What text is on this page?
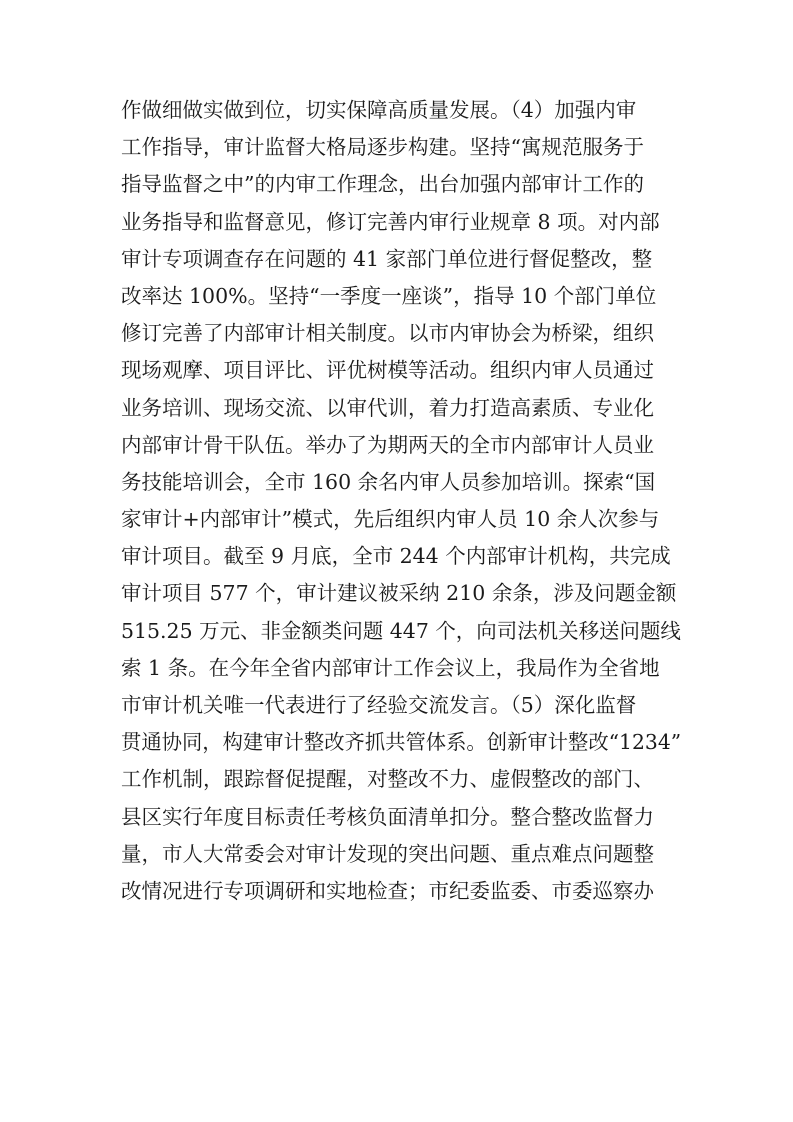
作做细做实做到位，切实保障高质量发展。（4）加强内审
工作指导，审计监督大格局逐步构建。坚持“寓规范服务于
指导监督之中”的内审工作理念，出台加强内部审计工作的
业务指导和监督意见，修订完善内审行业规章 8 项。对内部
审计专项调查存在问题的 41 家部门单位进行督促整改，整
改率达 100%。坚持“一季度一座谈”，指导 10 个部门单位
修订完善了内部审计相关制度。以市内审协会为桥梁，组织
现场观摩、项目评比、评优树模等活动。组织内审人员通过
业务培训、现场交流、以审代训，着力打造高素质、专业化
内部审计骨干队伍。举办了为期两天的全市内部审计人员业
务技能培训会，全市 160 余名内审人员参加培训。探索“国
家审计+内部审计”模式，先后组织内审人员 10 余人次参与
审计项目。截至 9 月底，全市 244 个内部审计机构，共完成
审计项目 577 个，审计建议被采纳 210 余条，涉及问题金额
515.25 万元、非金额类问题 447 个，向司法机关移送问题线
索 1 条。在今年全省内部审计工作会议上，我局作为全省地
市审计机关唯一代表进行了经验交流发言。（5）深化监督
贯通协同，构建审计整改齐抓共管体系。创新审计整改“1234”
工作机制，跟踪督促提醒，对整改不力、虚假整改的部门、
县区实行年度目标责任考核负面清单扣分。整合整改监督力
量，市人大常委会对审计发现的突出问题、重点难点问题整
改情况进行专项调研和实地检查；市纪委监委、市委巡察办
